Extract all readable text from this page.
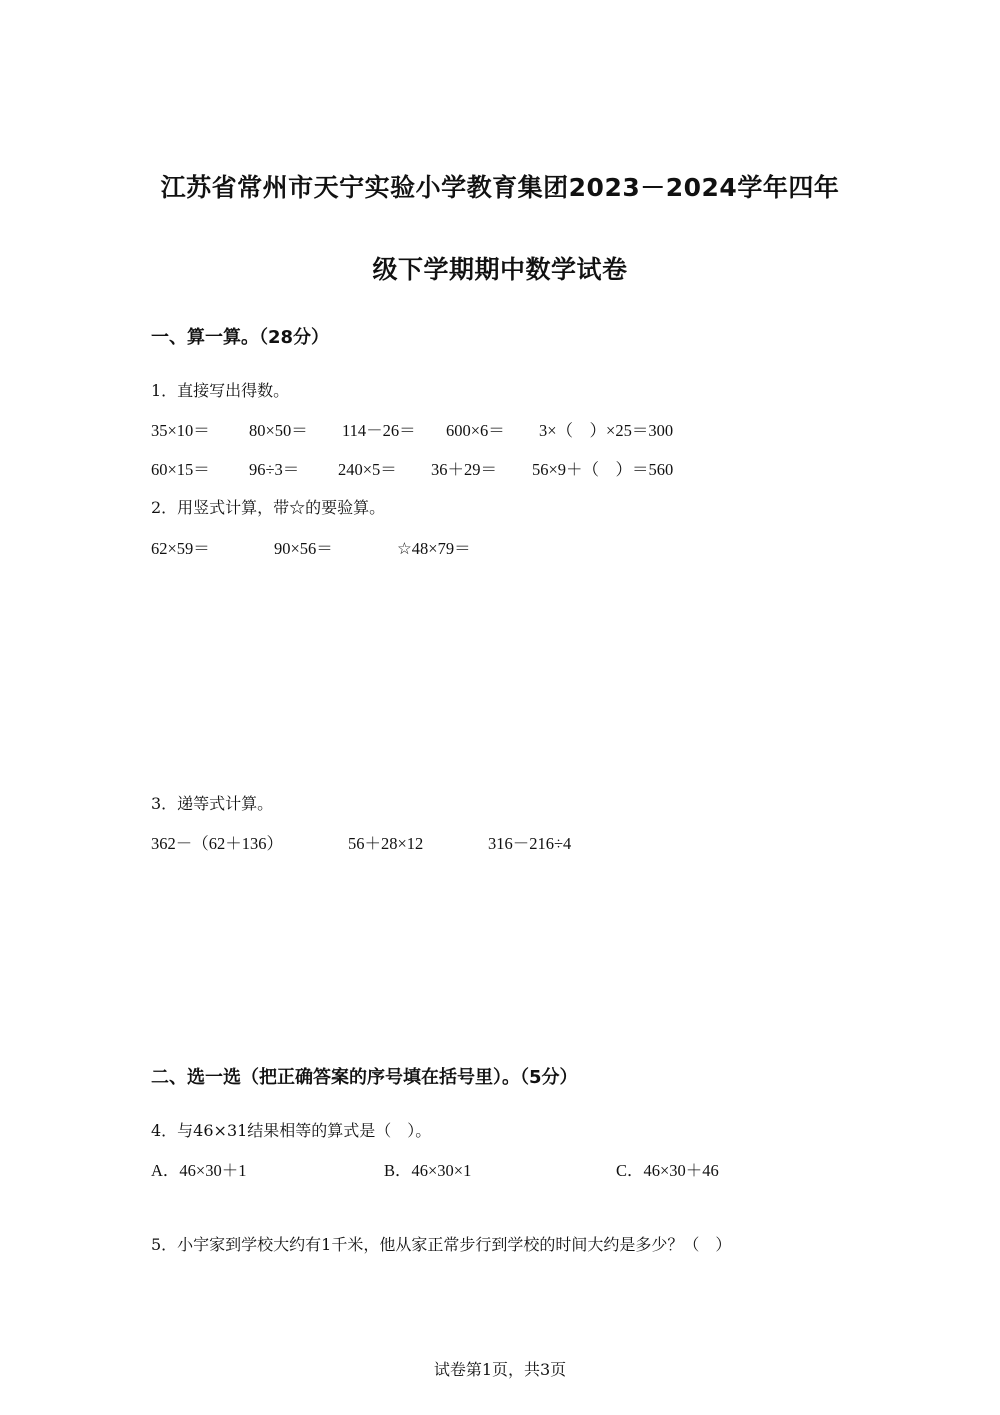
江苏省常州市天宁实验小学教育集团2023－2024学年四年
级下学期期中数学试卷
一、算一算。（28分）
1．直接写出得数。
35×10＝ 80×50＝ 114－26＝ 600×6＝ 3×（　）×25＝300
60×15＝ 96÷3＝ 240×5＝ 36＋29＝ 56×9＋（　）＝560
2．用竖式计算，带☆的要验算。
62×59＝	90×56＝	☆48×79＝
3．递等式计算。
362－（62＋136）	56＋28×12	316－216÷4
二、选一选（把正确答案的序号填在括号里）。（5分）
4．与46×31结果相等的算式是（　）。
A．46×30＋1	B．46×30×1	C．46×30＋46
5．小宇家到学校大约有1千米，他从家正常步行到学校的时间大约是多少？（　）
试卷第1页，共3页
